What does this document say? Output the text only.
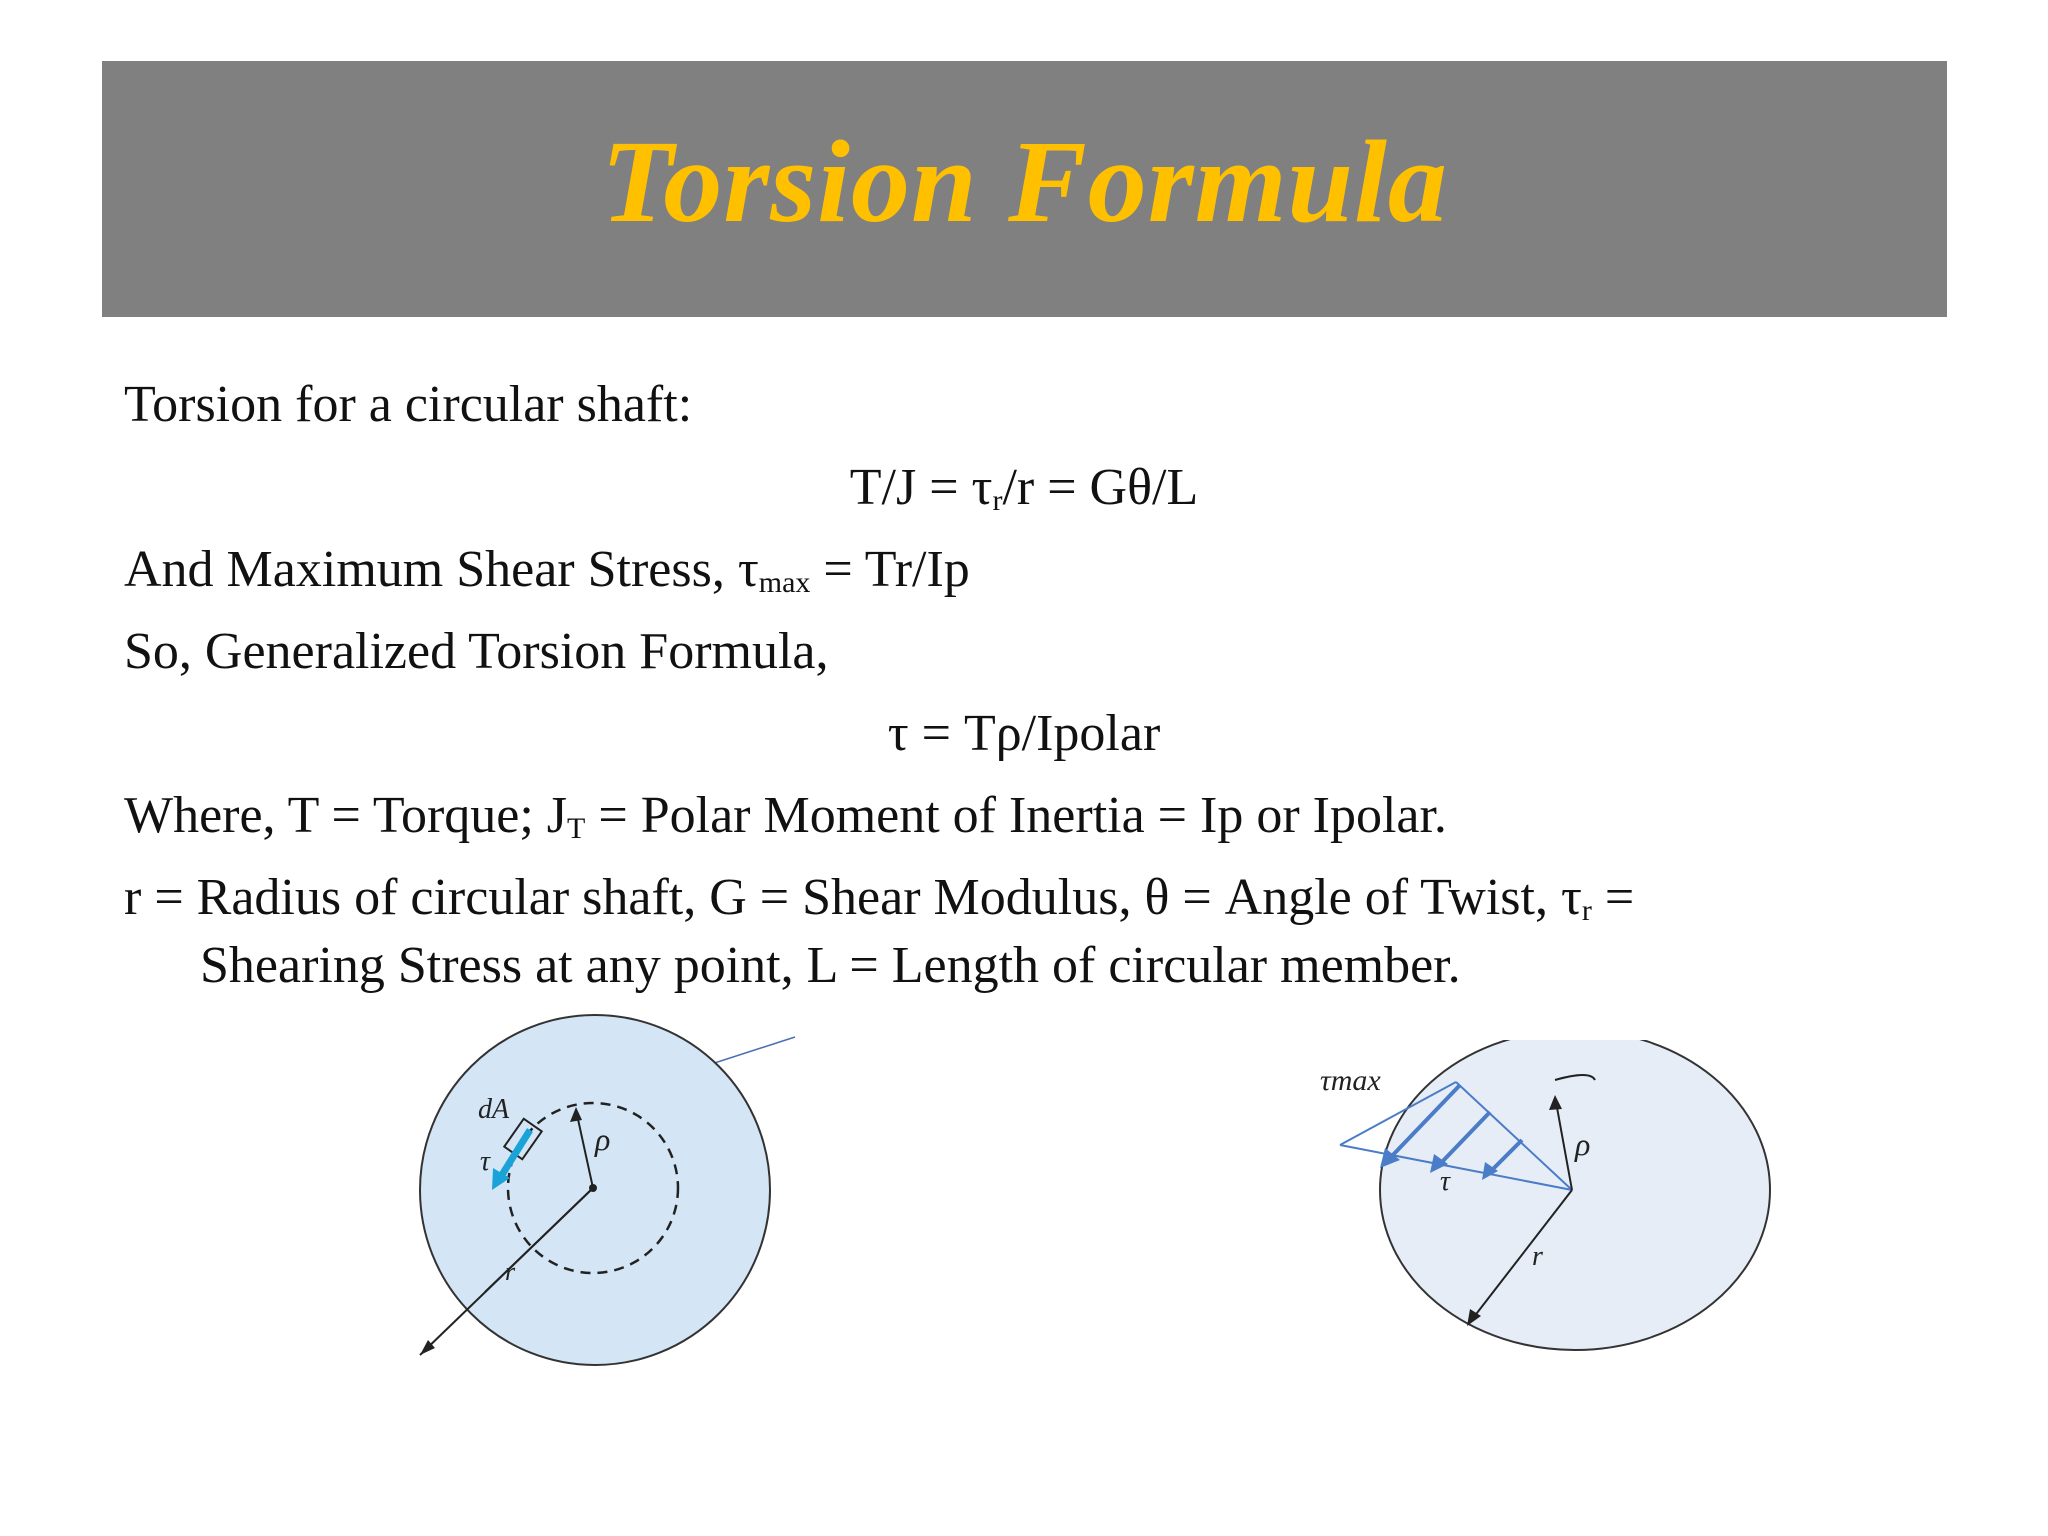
Torsion Formula
Torsion for a circular shaft:
$T/J = \tau_r/r = G\theta/L$
And Maximum Shear Stress, $\tau_{max} = Tr/Ip$
So, Generalized Torsion Formula,
τ = Tρ/Ipolar
Where, T = Torque; $J_T$ = Polar Moment of Inertia = Ip or Ipolar.
r = Radius of circular shaft, G = Shear Modulus, θ = Angle of Twist, $\tau_r$ =
Shearing Stress at any point, L = Length of circular member.
dA
τ
ρ
r
τmax
τ
ρ
r
